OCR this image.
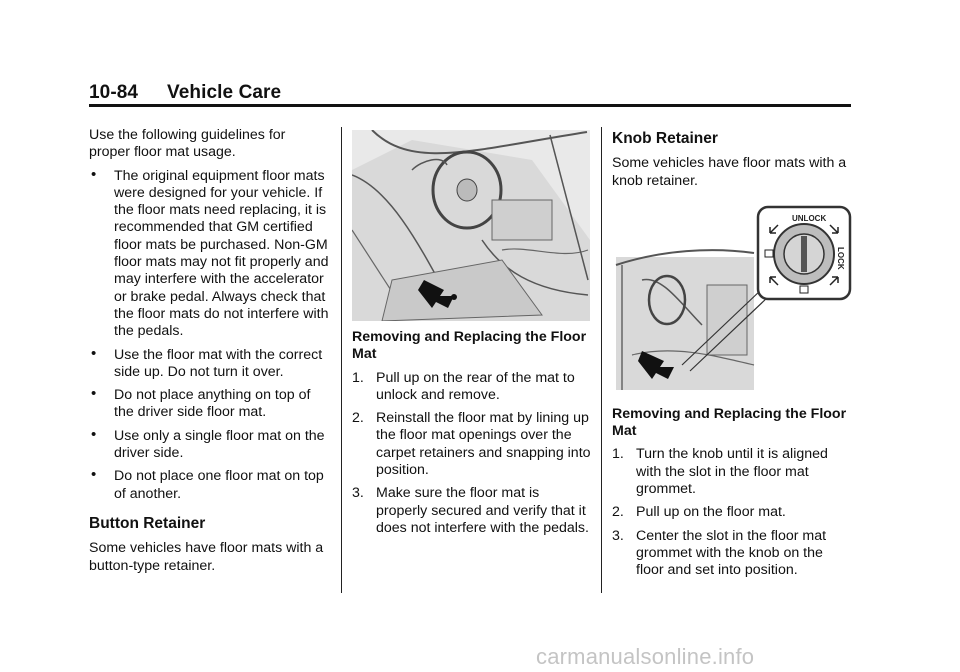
10-84 Vehicle Care

Use the following guidelines for proper floor mat usage.

• The original equipment floor mats were designed for your vehicle. If the floor mats need replacing, it is recommended that GM certified floor mats be purchased. Non-GM floor mats may not fit properly and may interfere with the accelerator or brake pedal. Always check that the floor mats do not interfere with the pedals.
• Use the floor mat with the correct side up. Do not turn it over.
• Do not place anything on top of the driver side floor mat.
• Use only a single floor mat on the driver side.
• Do not place one floor mat on top of another.
Button Retainer

Some vehicles have floor mats with a button-type retainer.

Removing and Replacing the Floor Mat
1. Pull up on the rear of the mat to unlock and remove.
2. Reinstall the floor mat by lining up the floor mat openings over the carpet retainers and snapping into position.
3. Make sure the floor mat is properly secured and verify that it does not interfere with the pedals.
Knob Retainer

Some vehicles have floor mats with a knob retainer.

Removing and Replacing the Floor Mat
1. Turn the knob until it is aligned with the slot in the floor mat grommet.
2. Pull up on the floor mat.
3. Center the slot in the floor mat grommet with the knob on the floor and set into position.
UNLOCK
LOCK
carmanualsonline.info
